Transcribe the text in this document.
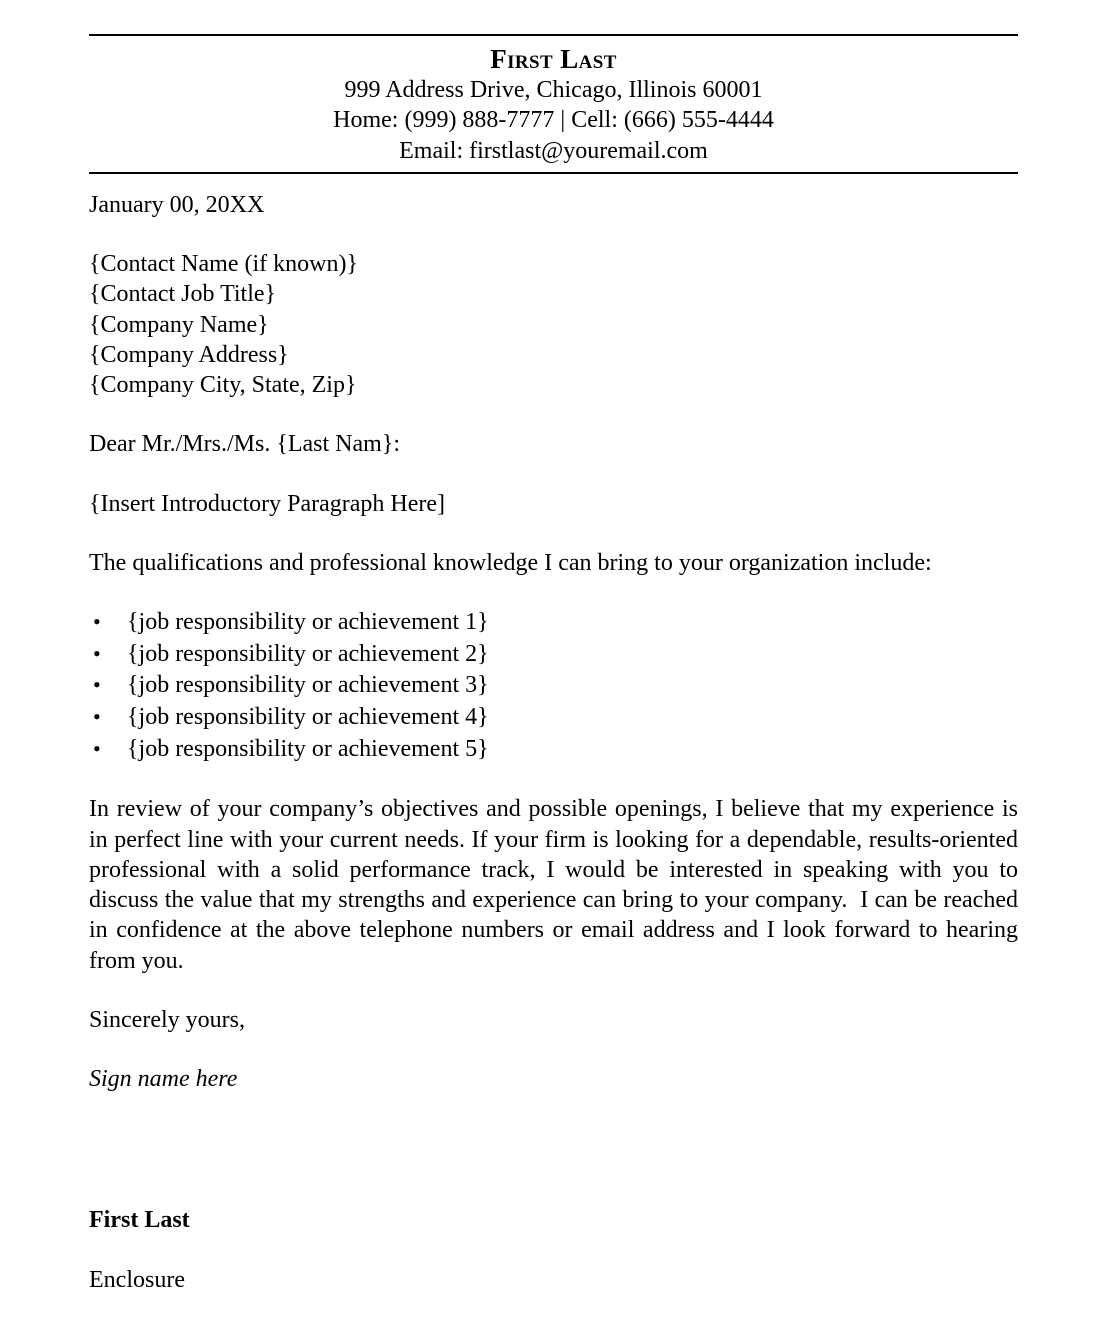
First Last
999 Address Drive, Chicago, Illinois 60001
Home: (999) 888-7777 | Cell: (666) 555-4444
Email: firstlast@youremail.com

January 00, 20XX

{Contact Name (if known)}
{Contact Job Title}
{Company Name}
{Company Address}
{Company City, State, Zip}

Dear Mr./Mrs./Ms. {Last Nam}:

{Insert Introductory Paragraph Here]

The qualifications and professional knowledge I can bring to your organization include:

• {job responsibility or achievement 1}
• {job responsibility or achievement 2}
• {job responsibility or achievement 3}
• {job responsibility or achievement 4}
• {job responsibility or achievement 5}

In review of your company’s objectives and possible openings, I believe that my experience is in perfect line with your current needs. If your firm is looking for a dependable, results-oriented professional with a solid performance track, I would be interested in speaking with you to discuss the value that my strengths and experience can bring to your company.  I can be reached in confidence at the above telephone numbers or email address and I look forward to hearing from you.

Sincerely yours,

Sign name here

First Last

Enclosure
